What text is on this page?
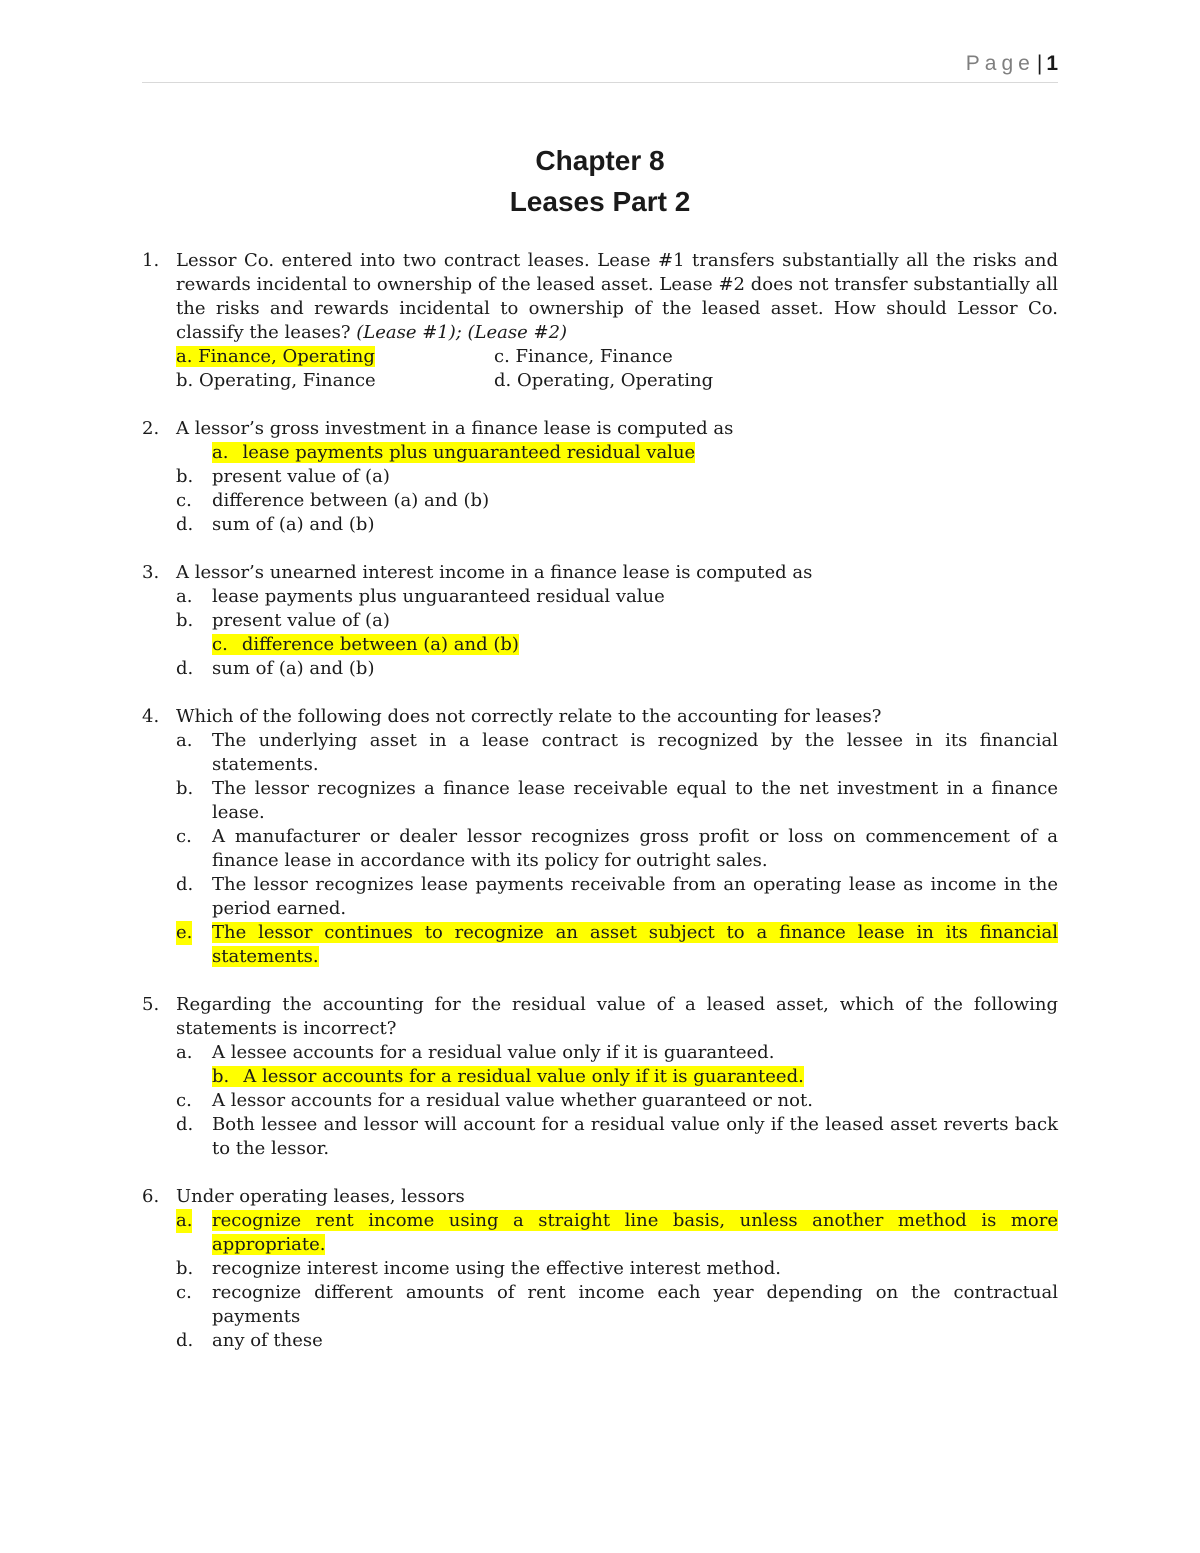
Page| 1
Chapter 8
Leases Part 2
1. Lessor Co. entered into two contract leases. Lease #1 transfers substantially all the risks and rewards incidental to ownership of the leased asset. Lease #2 does not transfer substantially all the risks and rewards incidental to ownership of the leased asset. How should Lessor Co. classify the leases? (Lease #1); (Lease #2)
a. Finance, Operating	c. Finance, Finance
b. Operating, Finance	d. Operating, Operating
2. A lessor’s gross investment in a finance lease is computed as
a. lease payments plus unguaranteed residual value
b. present value of (a)
c. difference between (a) and (b)
d. sum of (a) and (b)
3. A lessor’s unearned interest income in a finance lease is computed as
a. lease payments plus unguaranteed residual value
b. present value of (a)
c. difference between (a) and (b)
d. sum of (a) and (b)
4. Which of the following does not correctly relate to the accounting for leases?
a. The underlying asset in a lease contract is recognized by the lessee in its financial statements.
b. The lessor recognizes a finance lease receivable equal to the net investment in a finance lease.
c. A manufacturer or dealer lessor recognizes gross profit or loss on commencement of a finance lease in accordance with its policy for outright sales.
d. The lessor recognizes lease payments receivable from an operating lease as income in the period earned.
e. The lessor continues to recognize an asset subject to a finance lease in its financial statements.
5. Regarding the accounting for the residual value of a leased asset, which of the following statements is incorrect?
a. A lessee accounts for a residual value only if it is guaranteed.
b. A lessor accounts for a residual value only if it is guaranteed.
c. A lessor accounts for a residual value whether guaranteed or not.
d. Both lessee and lessor will account for a residual value only if the leased asset reverts back to the lessor.
6. Under operating leases, lessors
a. recognize rent income using a straight line basis, unless another method is more appropriate.
b. recognize interest income using the effective interest method.
c. recognize different amounts of rent income each year depending on the contractual payments
d. any of these
